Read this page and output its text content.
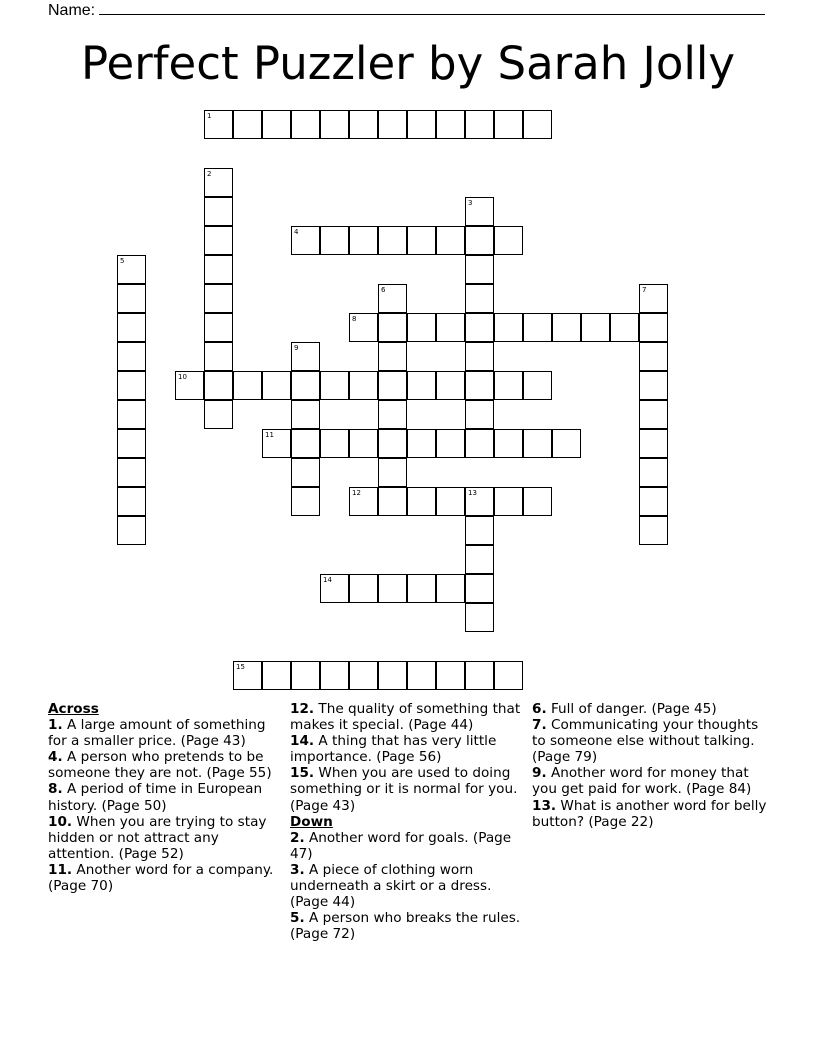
Name:
Perfect Puzzler by Sarah Jolly
1
2
3
4
5
6	7
8
9
10
11
12	13
14
15
Across
1. A large amount of something for a smaller price. (Page 43)
4. A person who pretends to be someone they are not. (Page 55)
8. A period of time in European history. (Page 50)
10. When you are trying to stay hidden or not attract any attention. (Page 52)
11. Another word for a company. (Page 70)
12. The quality of something that makes it special. (Page 44)
14. A thing that has very little importance. (Page 56)
15. When you are used to doing something or it is normal for you. (Page 43)
Down
2. Another word for goals. (Page 47)
3. A piece of clothing worn underneath a skirt or a dress. (Page 44)
5. A person who breaks the rules. (Page 72)
6. Full of danger. (Page 45)
7. Communicating your thoughts to someone else without talking. (Page 79)
9. Another word for money that you get paid for work. (Page 84)
13. What is another word for belly button? (Page 22)
